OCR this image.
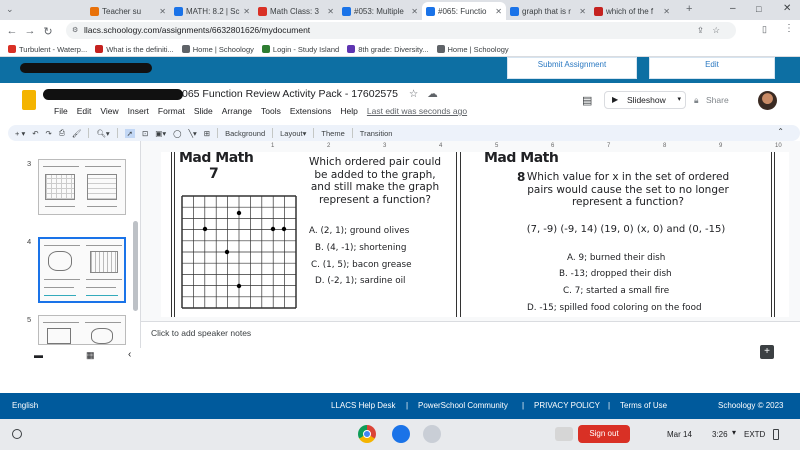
⌄	Teacher su	✕	MATH: 8.2 | Sc ✕	Math Class: 3	✕	#053: Multiple ✕	#065: Functio	✕	graph that is r	✕	which of the f	✕ +	– □ ✕
← → ↻	⚙ llacs.schoology.com/assignments/6632801626/mydocument	⇪ ☆	▯ ⋮
Turbulent - Waterp...	What is the definiti...	Home | Schoology	Login - Study Island	8th grade: Diversity...	Home | Schoology
Submit Assignment	Edit
065 Function Review Activity Pack - 17602575 ☆ ☁
File Edit View Insert Format Slide Arrange Tools Extensions Help Last edit was seconds ago
▤ ▶ Slideshow ▾ 🔒︎ Share
+ ▾ ↶ ↷ ⎙ 🖌︎ 🔍︎▾ ➚ ⊡ ▣▾ ◯ ╲▾ ⊞ Background Layout▾ Theme Transition	⌃
3
4
5
1	2	3	4	5	6	7	8	9	10
Mad Math
7
Which ordered pair could be added to the graph, and still make the graph represent a function?
A. (2, 1); ground olives
B. (4, -1); shortening
C. (1, 5); bacon grease
D. (-2, 1); sardine oil
Mad Math
8 Which value for x in the set of ordered pairs would cause the set to no longer represent a function?
(7, -9) (-9, 14) (19, 0) (x, 0) and (0, -15)
A. 9; burned their dish
B. -13; dropped their dish
C. 7; started a small fire
D. -15; spilled food coloring on the food
Click to add speaker notes
▬	▦	‹	+
English	LLACS Help Desk | PowerSchool Community | PRIVACY POLICY | Terms of Use	Schoology © 2023
Sign out	Mar 14	3:26 ▾ EXTD
